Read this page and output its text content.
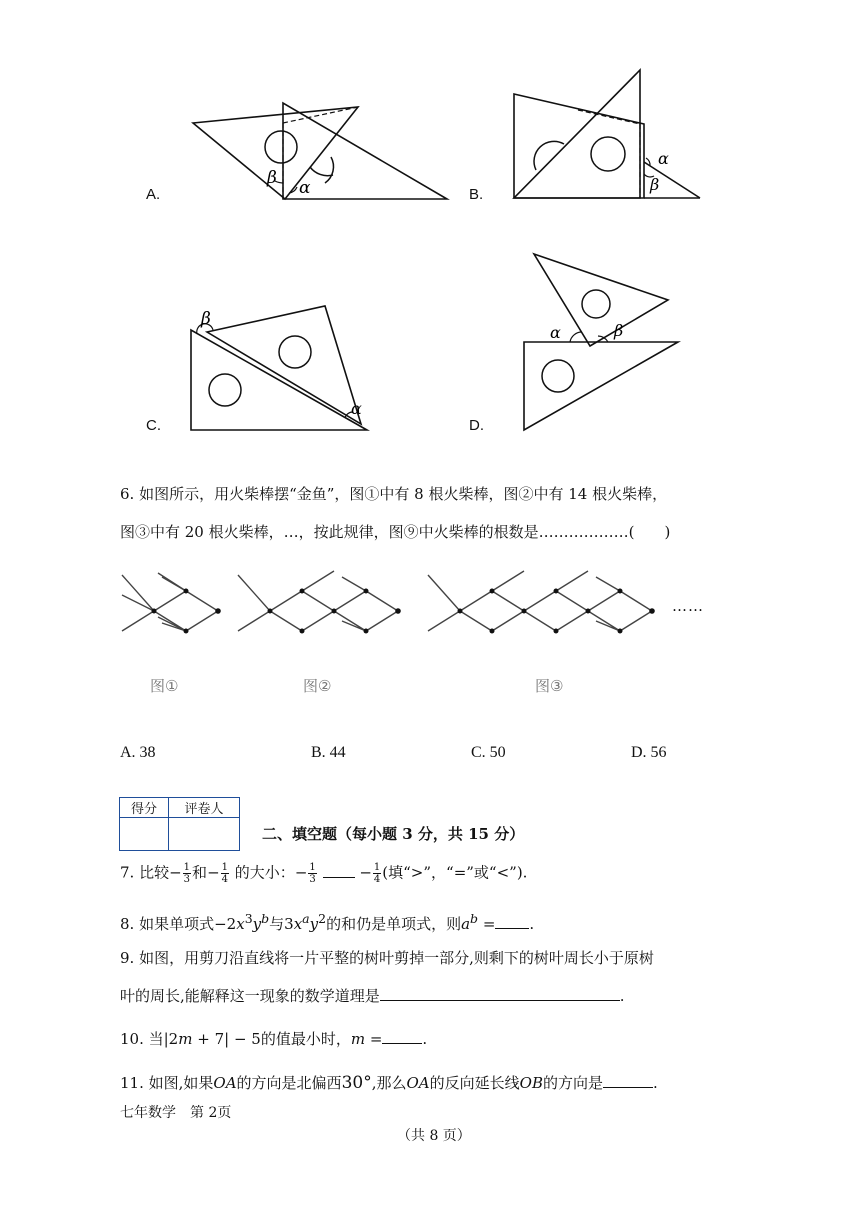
β α
A.
α
β
B.
β
α
C.
α	β
D.
6. 如图所示，用火柴棒摆“金鱼”，图①中有 8 根火柴棒，图②中有 14 根火柴棒，
图③中有 20 根火柴棒，…，按此规律，图⑨中火柴棒的根数是………………(　　)
……
图①	图②	图③
A. 38	B. 44	C. 50	D. 56
得分	评卷人

二、填空题（每小题 3 分，共 15 分）
7. 比较− $\frac{1}{3}$ 和− $\frac{1}{4}$ 的大小：− $\frac{1}{3}$	− $\frac{1}{4}$ (填“>”，“=”或“<”).
8. 如果单项式$-2x^3y^b$与$3x^ay^2$的和仍是单项式，则$a^b$ = .
9. 如图，用剪刀沿直线将一片平整的树叶剪掉一部分,则剩下的树叶周长小于原树
叶的周长,能解释这一现象的数学道理是	.
10. 当|2m + 7| − 5的值最小时，m =	.
11. 如图,如果OA的方向是北偏西30°,那么OA的反向延长线OB的方向是	.
七年数学　第 2页
（共 8 页）
